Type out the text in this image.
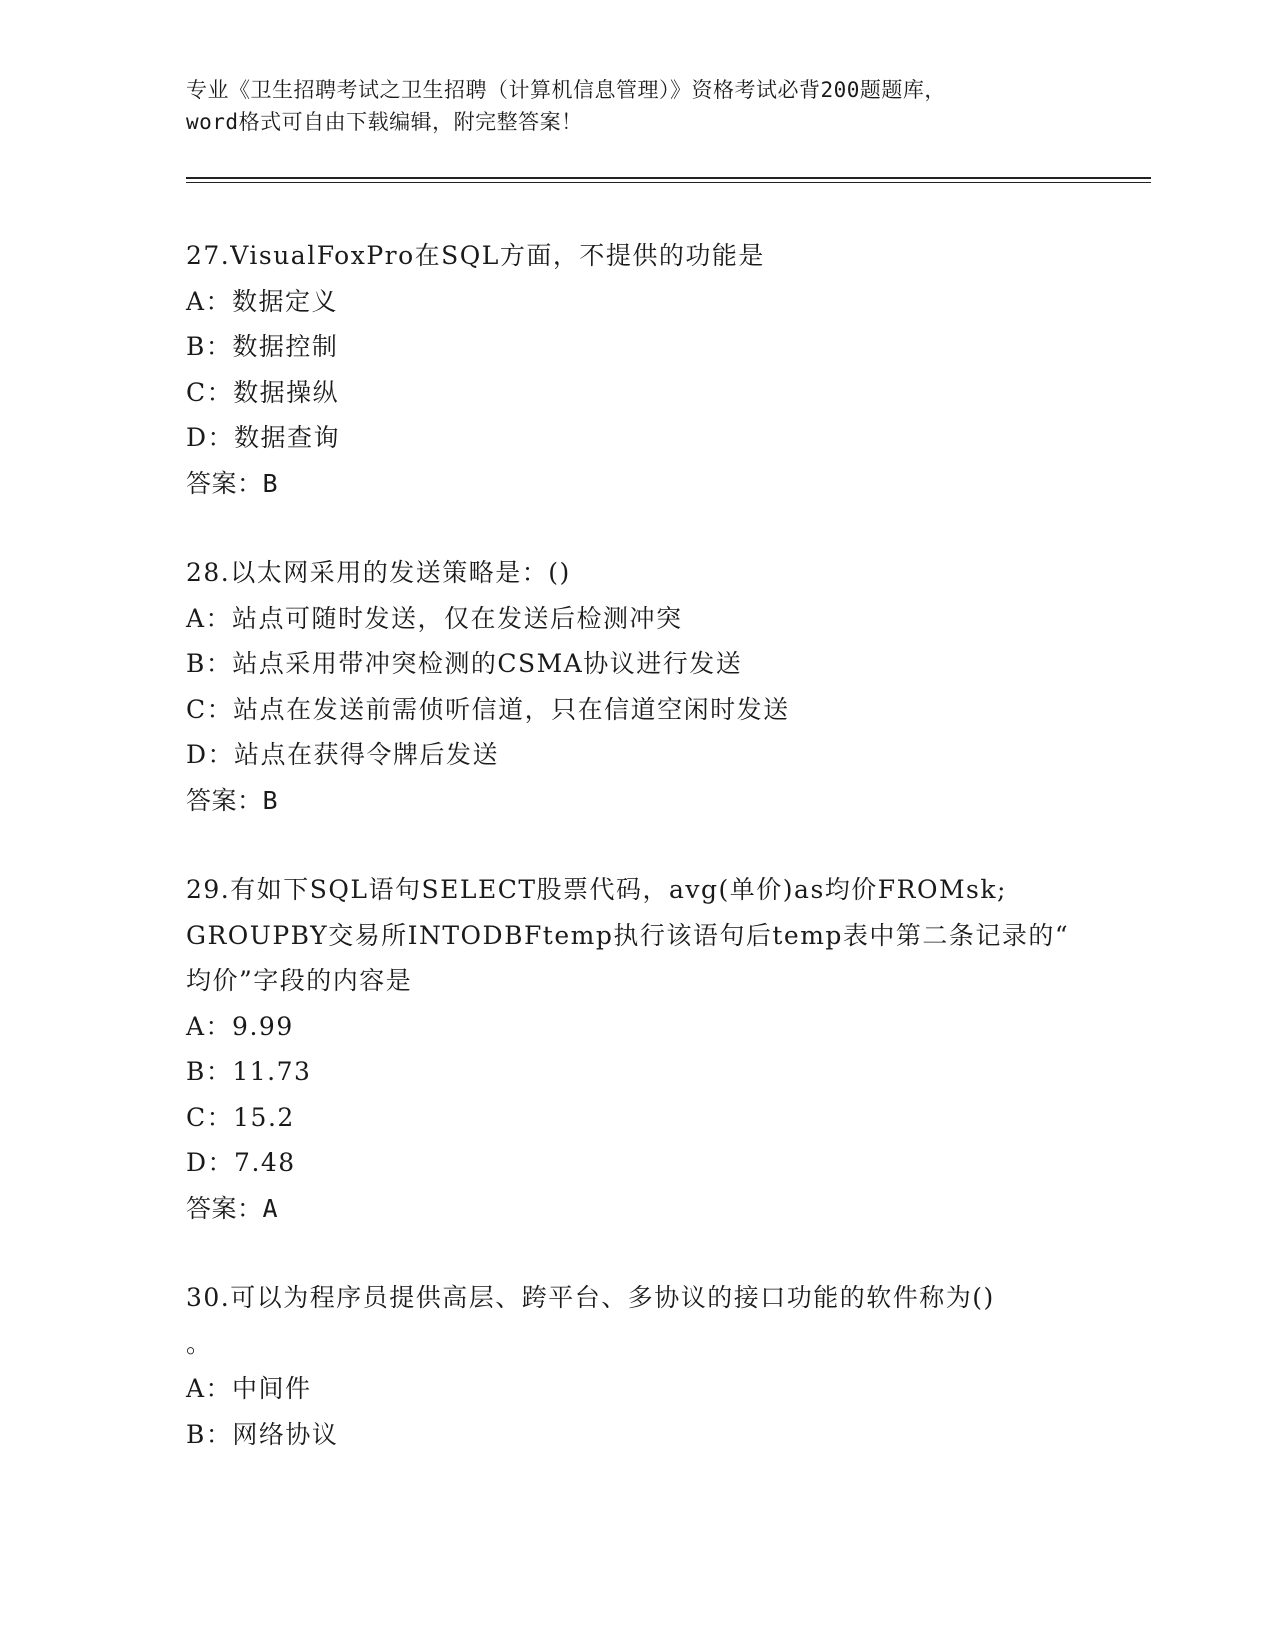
专业《卫生招聘考试之卫生招聘（计算机信息管理）》资格考试必背200题题库，
word格式可自由下载编辑，附完整答案！
27.VisualFoxPro在SQL方面，不提供的功能是
A：数据定义
B：数据控制
C：数据操纵
D：数据查询
答案：B
28.以太网采用的发送策略是：()
A：站点可随时发送，仅在发送后检测冲突
B：站点采用带冲突检测的CSMA协议进行发送
C：站点在发送前需侦听信道，只在信道空闲时发送
D：站点在获得令牌后发送
答案：B
29.有如下SQL语句SELECT股票代码，avg(单价)as均价FROMsk;
GROUPBY交易所INTODBFtemp执行该语句后temp表中第二条记录的“
均价”字段的内容是
A：9.99
B：11.73
C：15.2
D：7.48
答案：A
30.可以为程序员提供高层、跨平台、多协议的接口功能的软件称为()
。
A：中间件
B：网络协议
